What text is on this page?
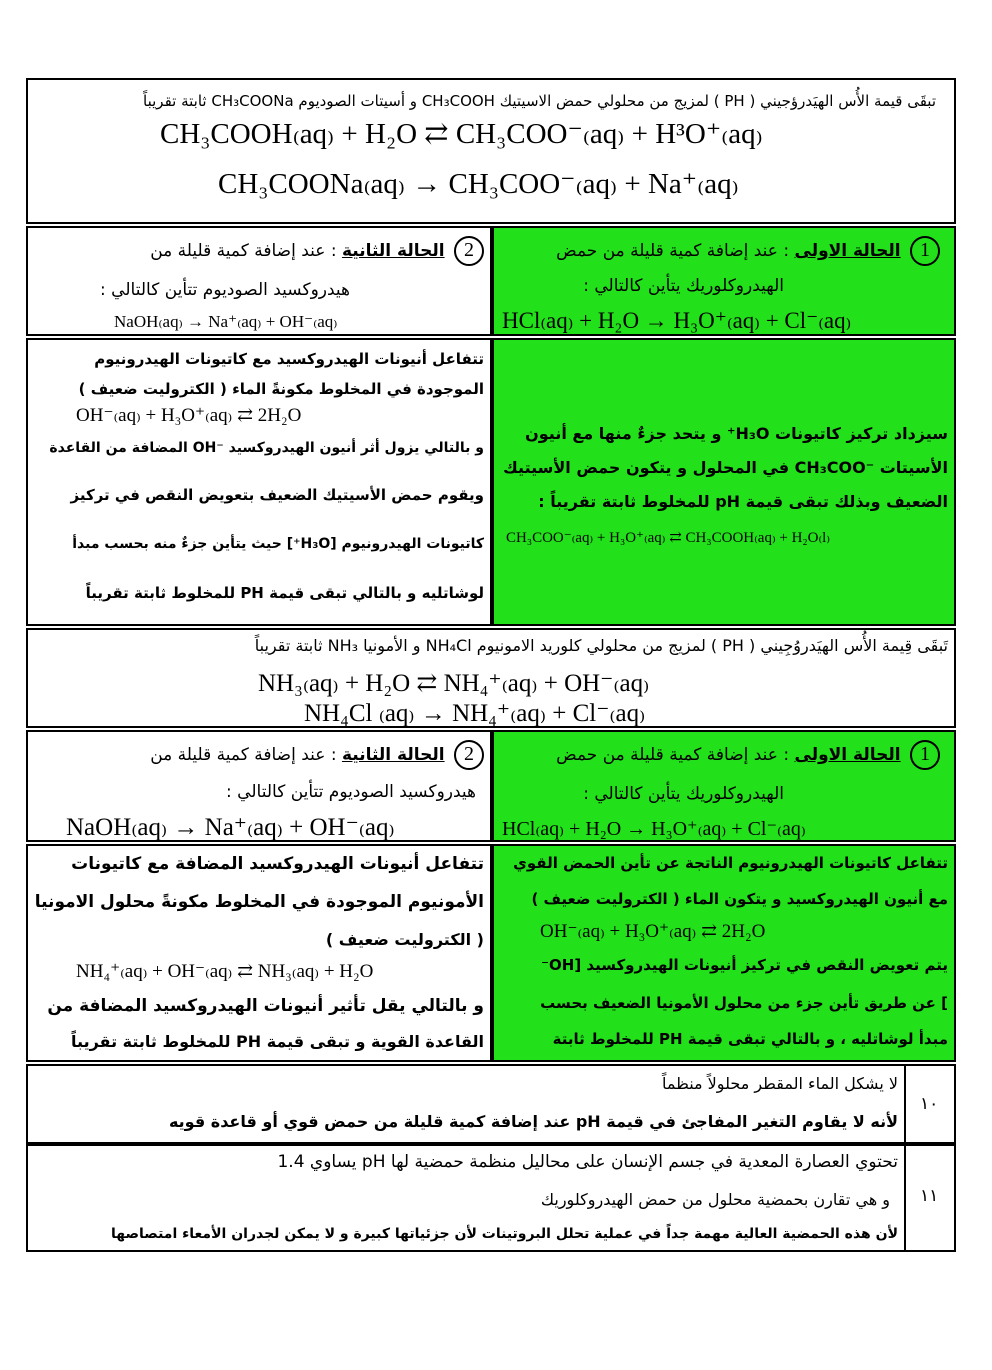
تبقَى قيمة الأُس الهيَدرؤجيني ( PH ) لمزيج من محلولي حمض الاسيتيك CH₃COOH و أسيتات الصوديوم CH₃COONa ثابتة تقريباً
CH₃COOH₍aq₎ + H₂O ⇄ CH₃COO⁻₍aq₎ + H³O⁺₍aq₎
CH₃COONa₍aq₎ → CH₃COO⁻₍aq₎ + Na⁺₍aq₎
1 الحالة الاولى : عند إضافة كمية قليلة من حمض
الهيدروكلوريك يتأين كالتالي :
HCl₍aq₎ + H₂O → H₃O⁺₍aq₎ + Cl⁻₍aq₎
2 الحالة الثانية : عند إضافة كمية قليلة من
هيدروكسيد الصوديوم تتأين كالتالي :
NaOH₍aq₎ → Na⁺₍aq₎ + OH⁻₍aq₎
سيزداد تركيز كاتيونات H₃O⁺ و يتحد جزءٌ منها مع أنيون
الأسيتات ⁻CH₃COO في المحلول و يتكون حمض الأسيتيك
الضعيف وبذلك تبقى قيمة pH للمخلوط ثابتة تقريباً :
CH₃COO⁻₍aq₎ + H₃O⁺₍aq₎ ⇄ CH₃COOH₍aq₎ + H₂O₍l₎
تتفاعل أنيونات الهيدروكسيد مع كاتيونات الهيدرونيوم
الموجودة في المخلوط مكونةً الماء ( الكتروليت ضعيف )
OH⁻₍aq₎ + H₃O⁺₍aq₎ ⇄ 2H₂O
و بالتالي يزول أثر أنيون الهيدروكسيد ⁻OH المضافة من القاعدة
ويقوم حمض الأسيتيك الضعيف بتعويض النقص في تركيز
كاتيونات الهيدرونيوم [H₃O⁺] حيث يتأين جزءٌ منه بحسب مبدأ
لوشاتليه و بالتالي تبقى قيمة PH للمخلوط ثابتة تقريباً
تَبقَى قِيمة الأُس الهيَدروُجِيني ( PH ) لمزيج من محلولي كلوريد الامونيوم NH₄Cl و الأمونيا NH₃ ثابتة تقريباً
NH₃₍aq₎ + H₂O ⇄ NH₄⁺₍aq₎ + OH⁻₍aq₎
NH₄Cl ₍aq₎ → NH₄⁺₍aq₎ + Cl⁻₍aq₎
1 الحالة الاولى : عند إضافة كمية قليلة من حمض
الهيدروكلوريك يتأين كالتالي :
HCl₍aq₎ + H₂O → H₃O⁺₍aq₎ + Cl⁻₍aq₎
2 الحالة الثانية : عند إضافة كمية قليلة من
هيدروكسيد الصوديوم تتأين كالتالي :
NaOH₍aq₎ → Na⁺₍aq₎ + OH⁻₍aq₎
تتفاعل كاتيونات الهيدرونيوم الناتجة عن تأين الحمض القوي
مع أنيون الهيدروكسيد و يتكون الماء ( الكتروليت ضعيف )
OH⁻₍aq₎ + H₃O⁺₍aq₎ ⇄ 2H₂O
يتم تعويض النقص في تركيز أنيونات الهيدروكسيد [OH⁻
] عن طريق تأين جزء من محلول الأمونيا الضعيف بحسب
مبدأ لوشاتليه ، و بالتالي تبقى قيمة PH للمخلوط ثابتة
تتفاعل أنيونات الهيدروكسيد المضافة مع كاتيونات
الأمونيوم الموجودة في المخلوط مكونةً محلول الامونيا
( الكتروليت ضعيف )
NH₄⁺₍aq₎ + OH⁻₍aq₎ ⇄ NH₃₍aq₎ + H₂O
و بالتالي يقل تأثير أنيونات الهيدروكسيد المضافة من
القاعدة القوية و تبقى قيمة PH للمخلوط ثابتة تقريباً
لا يشكل الماء المقطر محلولاً منظماً
لأنه لا يقاوم التغير المفاجئ في قيمة pH عند إضافة كمية قليلة من حمض قوي أو قاعدة قويه
١٠
تحتوي العصارة المعدية في جسم الإنسان على محاليل منظمة حمضية لها pH يساوي 1.4
و هي تقارن بحمضية محلول من حمض الهيدروكلوريك
لأن هذه الحمضية العالية مهمة جداً في عملية تحلل البروتينات لأن جزئياتها كبيرة و لا يمكن لجدران الأمعاء امتصاصها
١١
